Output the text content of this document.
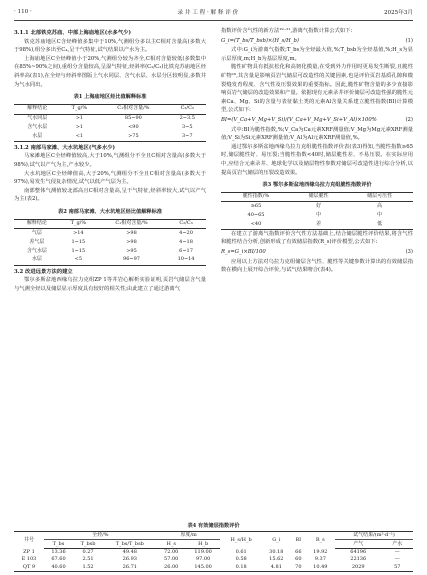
· 110 ·	录 井 工 程 · 解 释 评 价	2025年3月

3.1.1 北部铁克苏庙、中部上海庙地区(水多气少)

铁克苏庙地区C含烃峰值多集中于10%,气测组分多以主C相对含量高(多数大于98%),组分多出至C₄,呈干气特征,试气结果以产水为主。

上海庙地区C全烃峰值小于20%,气测组分较为齐全,C相对含量较低(多数集中在85%~90%之间),重组分含量较高,呈湿气特征,烃斜率(C₂/C₃)比铁克苏庙地区烃斜率高(表1),在全烃与烃斜率图版上气水同层、含气水层、水层分区较明显,多数井为气水同出。

表1 上海庙地区烃比值解释标准
解释结论	T_g/%	C₁相对含量/%	C₂/C₃
气水同层	>1	85~90	2~3.5
含气水层	>1	<90	3~5
水层	<1	>75	3~7

3.1.2 南部马家滩、大水坑地区(气多水少)

马家滩地区C全烃峰值较高,大于10%,气测组分不全且C相对含量高(多数大于98%),试气以产气为主,产水较少。

大水坑地区C全烃峰值高,大于20%,气测组分不全且C相对含量高(多数大于97%),易发生气侵复杂情况,试气以低产气层为主。

南部整体气测值较北部高且C相对含量高,呈干气特征,烃斜率较大,试气以产气为主(表2)。

表2 南部马家滩、大水坑地区烃比值解释标准
解释结论	T_g/%	C₁相对含量/%	C₂/C₃
气层	>14	>98	4~20
差气层	1~15	>98	4~18
含气水层	1~15	>95	6~17
水层	<5	96~97	10~14

3.2 改进远景方法的建立

鄂尔多斯盆地西缘乌拉力克组ZP 1等井岩心解析实验证明,页岩气储层含气量与气测全烃以及储层显示厚度具有较好的相关性;由此建立了通过游离气

指数评价含气性的新方法¹⁹⁻²¹,游离气指数计算公式如下:

G_i=(T_bs/T_bsb)×(H_s/H_b)	(1)

式中:G_i为游离气指数;T_bs为全烃最大值,%;T_bsb为全烃基值,%;H_s为显示层厚度,m;H_b为基层厚度,m。

脆性矿物具有抵抗松化和高韧化模量,在受到外力作用时更易发生断裂,且脆性矿物¹⁶,其含量是影响页岩气储层可改造性的关键因素,也是评价页岩基质孔隙和微裂缝发育程度、含气性及压裂效果的重要指标。因此,脆性矿物含量的多少直接影响页岩气储层的改造效果和产量。依据现有元素录井评价储层可改造性强的脆性元素Ca、Mg、Si的含量与表征黏土类的元素Al含量关系建立脆性指数(BI)计算模型,公式如下:

BI=(V_Ca+V_Mg+V_Si)/(V_Ca+V_Mg+V_Si+V_Al)×100%	(2)

式中:BI为脆性指数,%;V_Ca为Ca元素XRF测量值;V_Mg为Mg元素XRF测量值;V_Si为Si元素XRF测量值;V_Al为Al元素XRF测量值,%。

通过鄂尔多斯盆地西缘乌拉力克组脆性指数评价表(表3)得知,当脆性指数≥65时,储层脆性好、易压裂;当脆性指数<40时,储层脆性差、不易压裂。在实际应用中,应结合元素录井、地球化学以及储层物性参数对储层可改造性进行综合分析,以提高页岩气储层的压裂改造效果。

表3 鄂尔多斯盆地西缘乌拉力克组脆性指数评价
脆性指数/%	储层脆性	储层可压性
≥65	好	高
40~65	中	中
<40	差	低

在建立了游离气指数评价含气性方法基础上,结合储层脆性评价结果,将含气性和脆性结合分析,创新形成了有效储层指数(R_s)评价模型,公式如下:

R_s=G_i×BI/100	(3)

应用以上方法对乌拉力克组储层含气性、脆性等关键参数计算出的有效储层指数在横向上展开综合评价,与试气结果吻合(表4)。

表4 有效储层指数评价
井号	全烃/%			厚度/m		H_s/H_b	G_i	BI	R_s	试气结果/(m³·d⁻¹)	
	T_bs	T_bsb	T_bs/T_bsb	H_s	H_b					产气	产水
ZP 1	13.36	0.27	49.48	72.00	119.00	0.61	30.18	66	19.92	64196	—
E 103	67.60	2.51	26.93	57.00	97.00	0.58	15.62	60	9.37	22136	—
QT 9	40.60	1.52	26.71	26.00	145.00	0.18	4.81	70	10.49	2029	57
